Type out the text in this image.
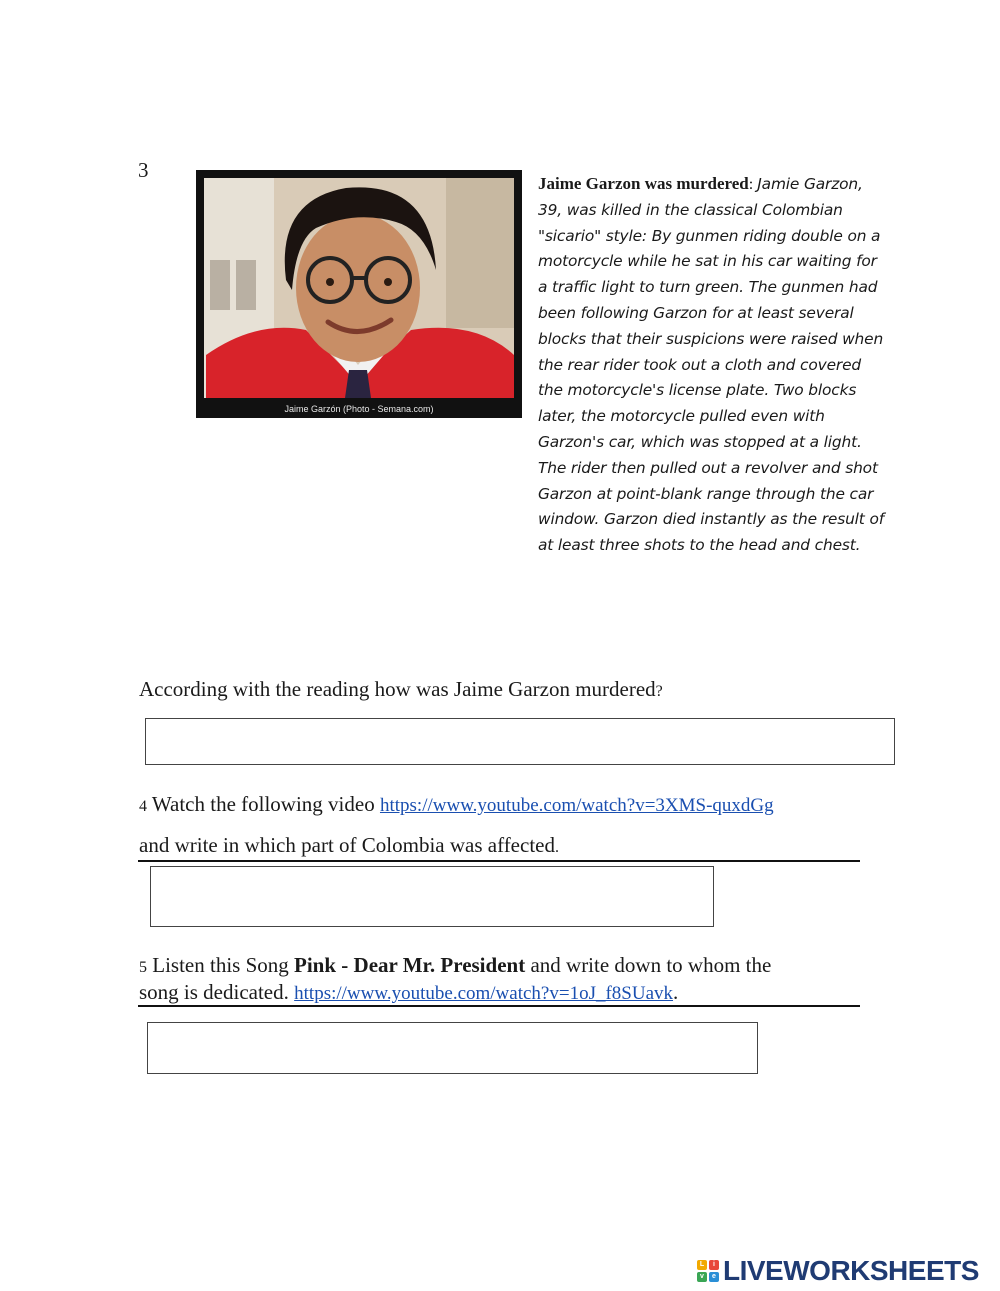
3
Jaime Garzón (Photo - Semana.com)
Jaime Garzon was murdered: Jamie Garzon, 39, was killed in the classical Colombian "sicario" style: By gunmen riding double on a motorcycle while he sat in his car waiting for a traffic light to turn green. The gunmen had been following Garzon for at least several blocks that their suspicions were raised when the rear rider took out a cloth and covered the motorcycle's license plate. Two blocks later, the motorcycle pulled even with Garzon's car, which was stopped at a light. The rider then pulled out a revolver and shot Garzon at point-blank range through the car window. Garzon died instantly as the result of at least three shots to the head and chest.
According with the reading how was Jaime Garzon murdered?
4 Watch the following video https://www.youtube.com/watch?v=3XMS-quxdGg
and write in which part of Colombia was affected.
5 Listen this Song Pink - Dear Mr. President and write down to whom the
song is dedicated. https://www.youtube.com/watch?v=1oJ_f8SUavk.
L	i
v	e LIVEWORKSHEETS
